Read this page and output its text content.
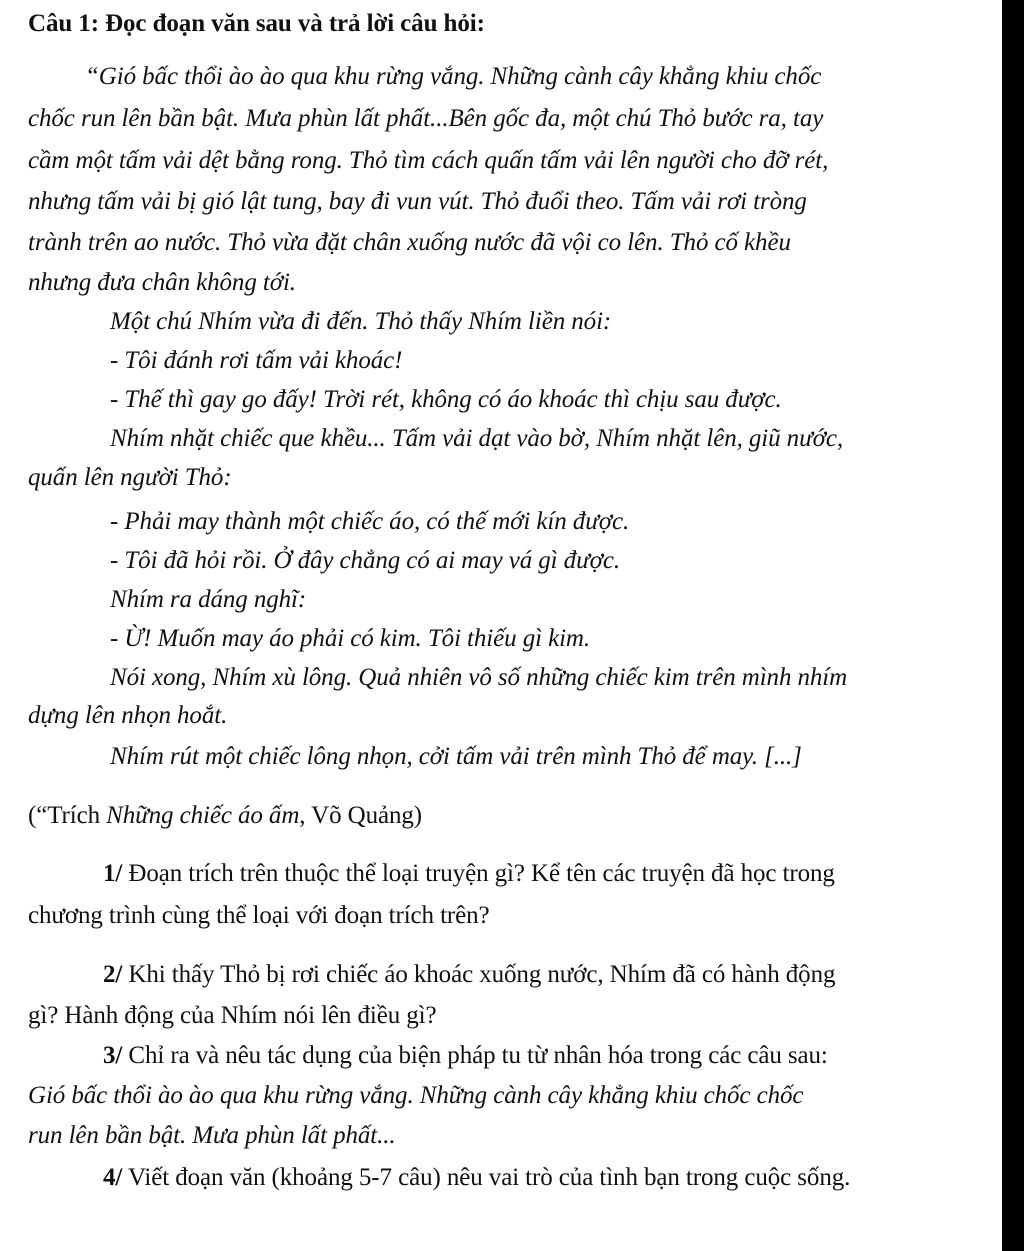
Câu 1: Đọc đoạn văn sau và trả lời câu hỏi:
“Gió bấc thổi ào ào qua khu rừng vắng. Những cành cây khẳng khiu chốc
chốc run lên bần bật. Mưa phùn lất phất...Bên gốc đa, một chú Thỏ bước ra, tay
cầm một tấm vải dệt bằng rong. Thỏ tìm cách quấn tấm vải lên người cho đỡ rét,
nhưng tấm vải bị gió lật tung, bay đi vun vút. Thỏ đuổi theo. Tấm vải rơi tròng
trành trên ao nước. Thỏ vừa đặt chân xuống nước đã vội co lên. Thỏ cố khều
nhưng đưa chân không tới.
Một chú Nhím vừa đi đến. Thỏ thấy Nhím liền nói:
- Tôi đánh rơi tấm vải khoác!
- Thế thì gay go đấy! Trời rét, không có áo khoác thì chịu sau được.
Nhím nhặt chiếc que khều... Tấm vải dạt vào bờ, Nhím nhặt lên, giũ nước,
quấn lên người Thỏ:
- Phải may thành một chiếc áo, có thế mới kín được.
- Tôi đã hỏi rồi. Ở đây chẳng có ai may vá gì được.
Nhím ra dáng nghĩ:
- Ừ! Muốn may áo phải có kim. Tôi thiếu gì kim.
Nói xong, Nhím xù lông. Quả nhiên vô số những chiếc kim trên mình nhím
dựng lên nhọn hoắt.
Nhím rút một chiếc lông nhọn, cởi tấm vải trên mình Thỏ để may. [...]
(“Trích Những chiếc áo ấm, Võ Quảng)
1/ Đoạn trích trên thuộc thể loại truyện gì? Kể tên các truyện đã học trong
chương trình cùng thể loại với đoạn trích trên?
2/ Khi thấy Thỏ bị rơi chiếc áo khoác xuống nước, Nhím đã có hành động
gì? Hành động của Nhím nói lên điều gì?
3/ Chỉ ra và nêu tác dụng của biện pháp tu từ nhân hóa trong các câu sau:
Gió bấc thổi ào ào qua khu rừng vắng. Những cành cây khẳng khiu chốc chốc
run lên bần bật. Mưa phùn lất phất...
4/ Viết đoạn văn (khoảng 5-7 câu) nêu vai trò của tình bạn trong cuộc sống.
